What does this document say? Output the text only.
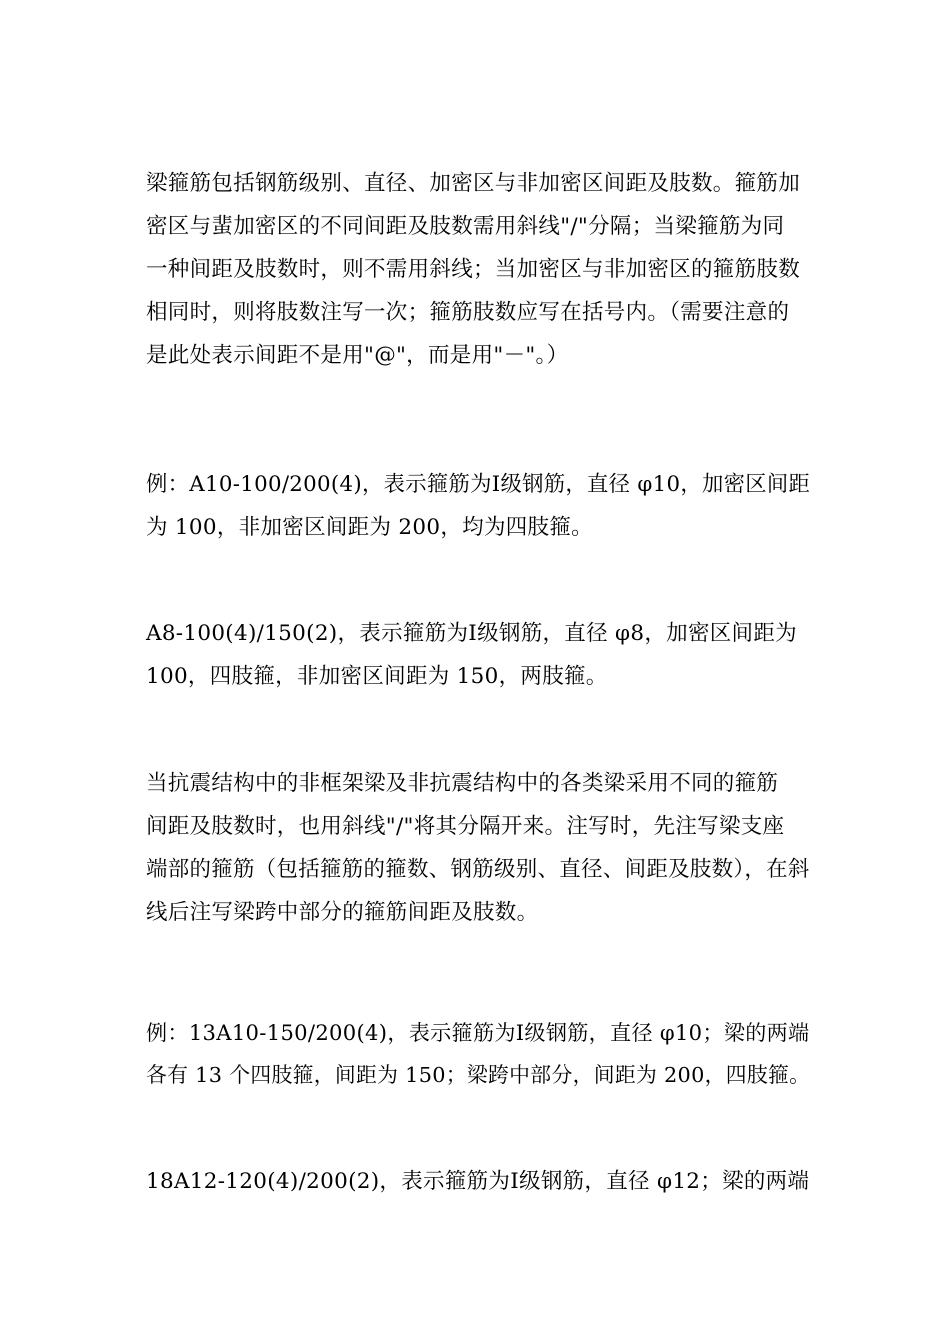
梁箍筋包括钢筋级别、直径、加密区与非加密区间距及肢数。箍筋加
密区与蜚加密区的不同间距及肢数需用斜线"/"分隔；当梁箍筋为同
一种间距及肢数时，则不需用斜线；当加密区与非加密区的箍筋肢数
相同时，则将肢数注写一次；箍筋肢数应写在括号内。（需要注意的
是此处表示间距不是用"@"，而是用"－"。）
例：A10-100/200(4)，表示箍筋为Ⅰ级钢筋，直径 φ10，加密区间距
为 100，非加密区间距为 200，均为四肢箍。
A8-100(4)/150(2)，表示箍筋为Ⅰ级钢筋，直径 φ8，加密区间距为
100，四肢箍，非加密区间距为 150，两肢箍。
当抗震结构中的非框架梁及非抗震结构中的各类梁采用不同的箍筋
间距及肢数时，也用斜线"/"将其分隔开来。注写时，先注写梁支座
端部的箍筋（包括箍筋的箍数、钢筋级别、直径、间距及肢数），在斜
线后注写梁跨中部分的箍筋间距及肢数。
例：13A10-150/200(4)，表示箍筋为Ⅰ级钢筋，直径 φ10；梁的两端
各有 13 个四肢箍，间距为 150；梁跨中部分，间距为 200，四肢箍。
18A12-120(4)/200(2)，表示箍筋为Ⅰ级钢筋，直径 φ12；梁的两端
